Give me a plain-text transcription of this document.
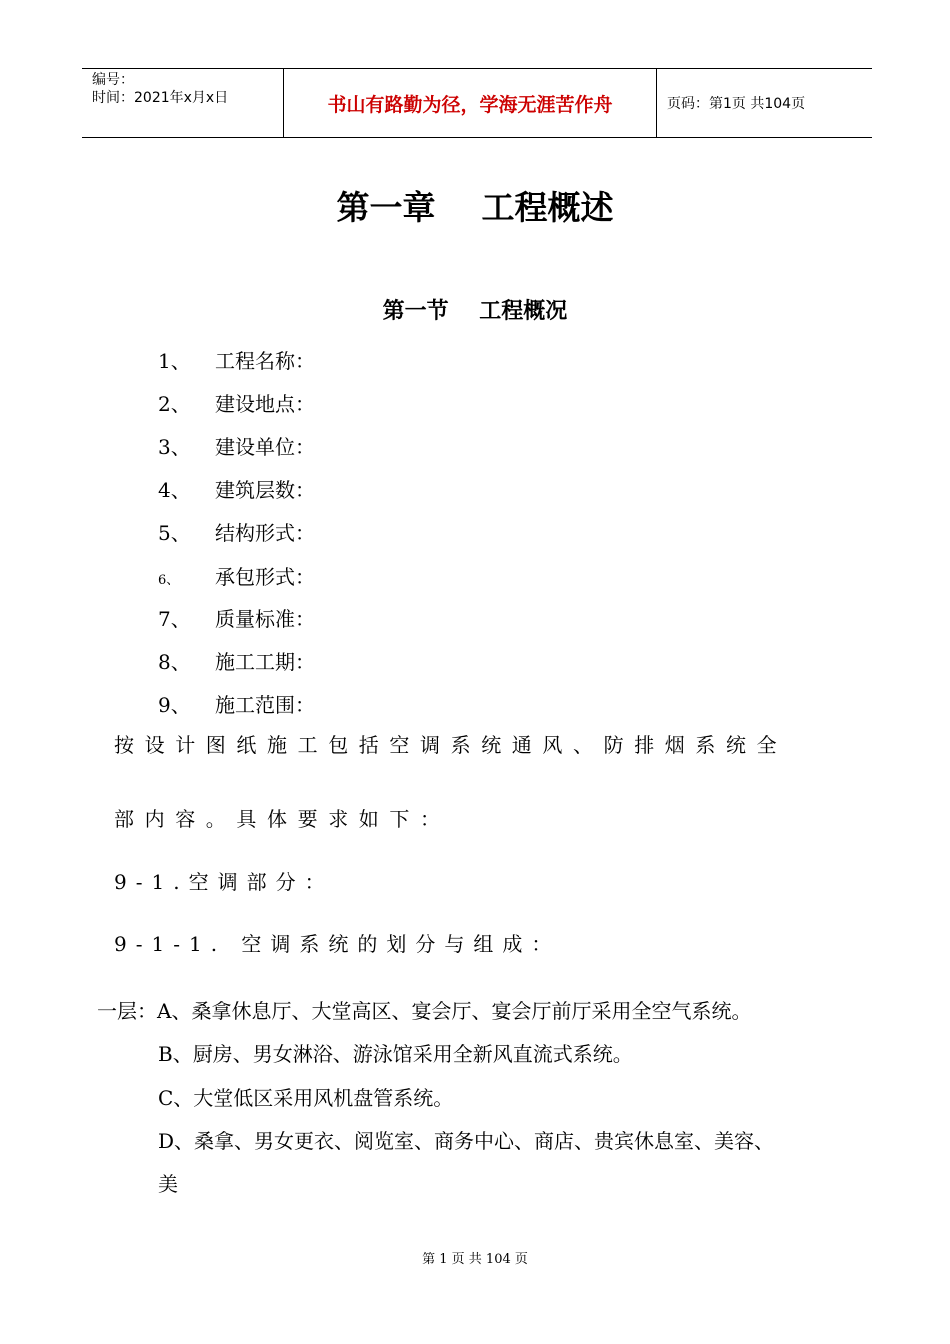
编号：
时间：2021年x月x日	书山有路勤为径，学海无涯苦作舟	页码：第1页 共104页
第一章    工程概述
第一节    工程概况
1、 工程名称：
2、 建设地点：
3、 建设单位：
4、 建筑层数：
5、 结构形式：
6、 承包形式：
7、 质量标准：
8、 施工工期：
9、 施工范围：
按设计图纸施工包括空调系统通风、防排烟系统全
部内容。具体要求如下：
9-1.空调部分：
9-1-1. 空调系统的划分与组成：
一层：A、桑拿休息厅、大堂高区、宴会厅、宴会厅前厅采用全空气系统。
B、厨房、男女淋浴、游泳馆采用全新风直流式系统。
C、大堂低区采用风机盘管系统。
D、桑拿、男女更衣、阅览室、商务中心、商店、贵宾休息室、美容、
美
第 1 页 共 104 页
